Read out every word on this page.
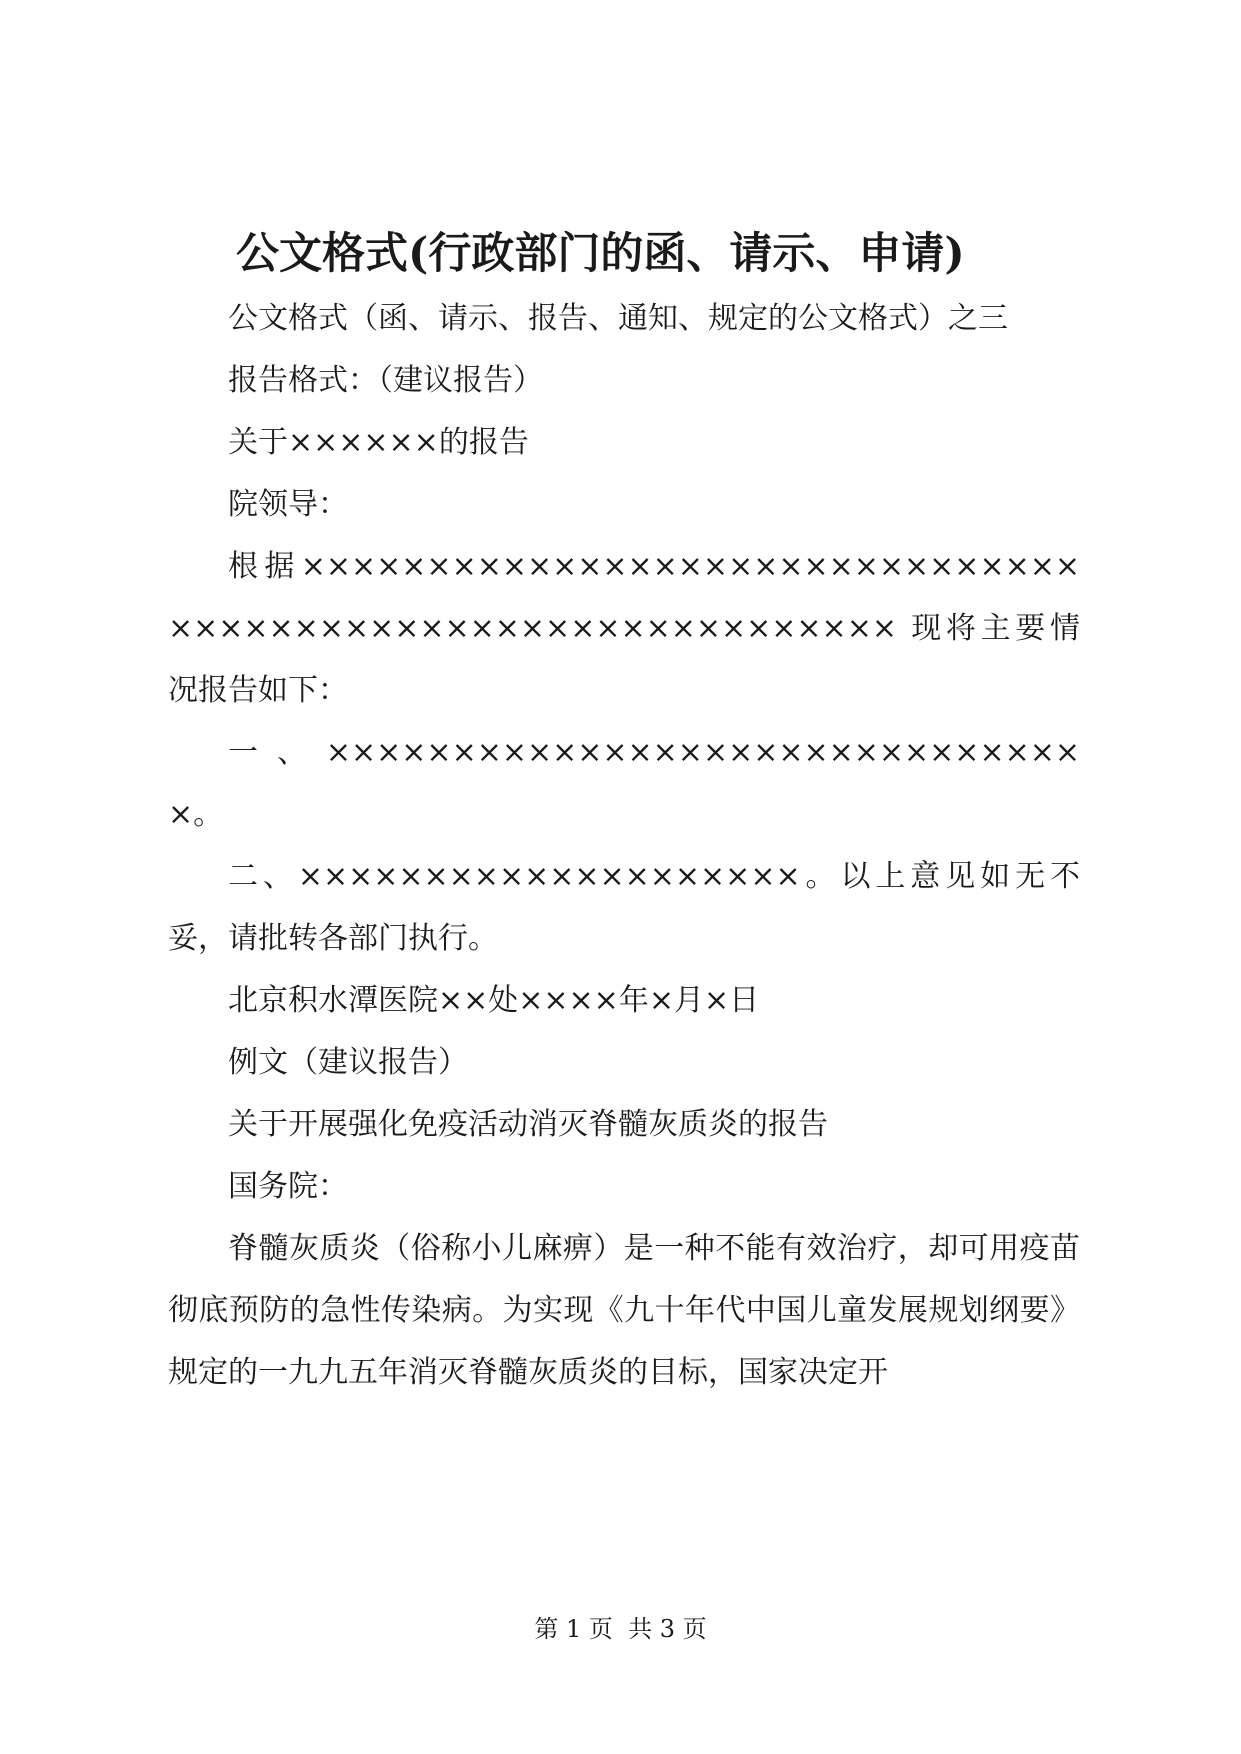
公文格式(行政部门的函、请示、申请)

公文格式（函、请示、报告、通知、规定的公文格式）之三

报告格式：（建议报告）

关于××××××的报告

院领导：

根据×××××××××××××××××××××××××××××××××××××××××××××××××××××××××××× 现将主要情况报告如下：

一、×××××××××××××××××××××××××××××××。

二、××××××××××××××××××××。以上意见如无不妥，请批转各部门执行。

北京积水潭医院××处××××年×月×日

例文（建议报告）

关于开展强化免疫活动消灭脊髓灰质炎的报告

国务院：

脊髓灰质炎（俗称小儿麻痹）是一种不能有效治疗，却可用疫苗彻底预防的急性传染病。为实现《九十年代中国儿童发展规划纲要》规定的一九九五年消灭脊髓灰质炎的目标，国家决定开

第 1 页  共 3 页
